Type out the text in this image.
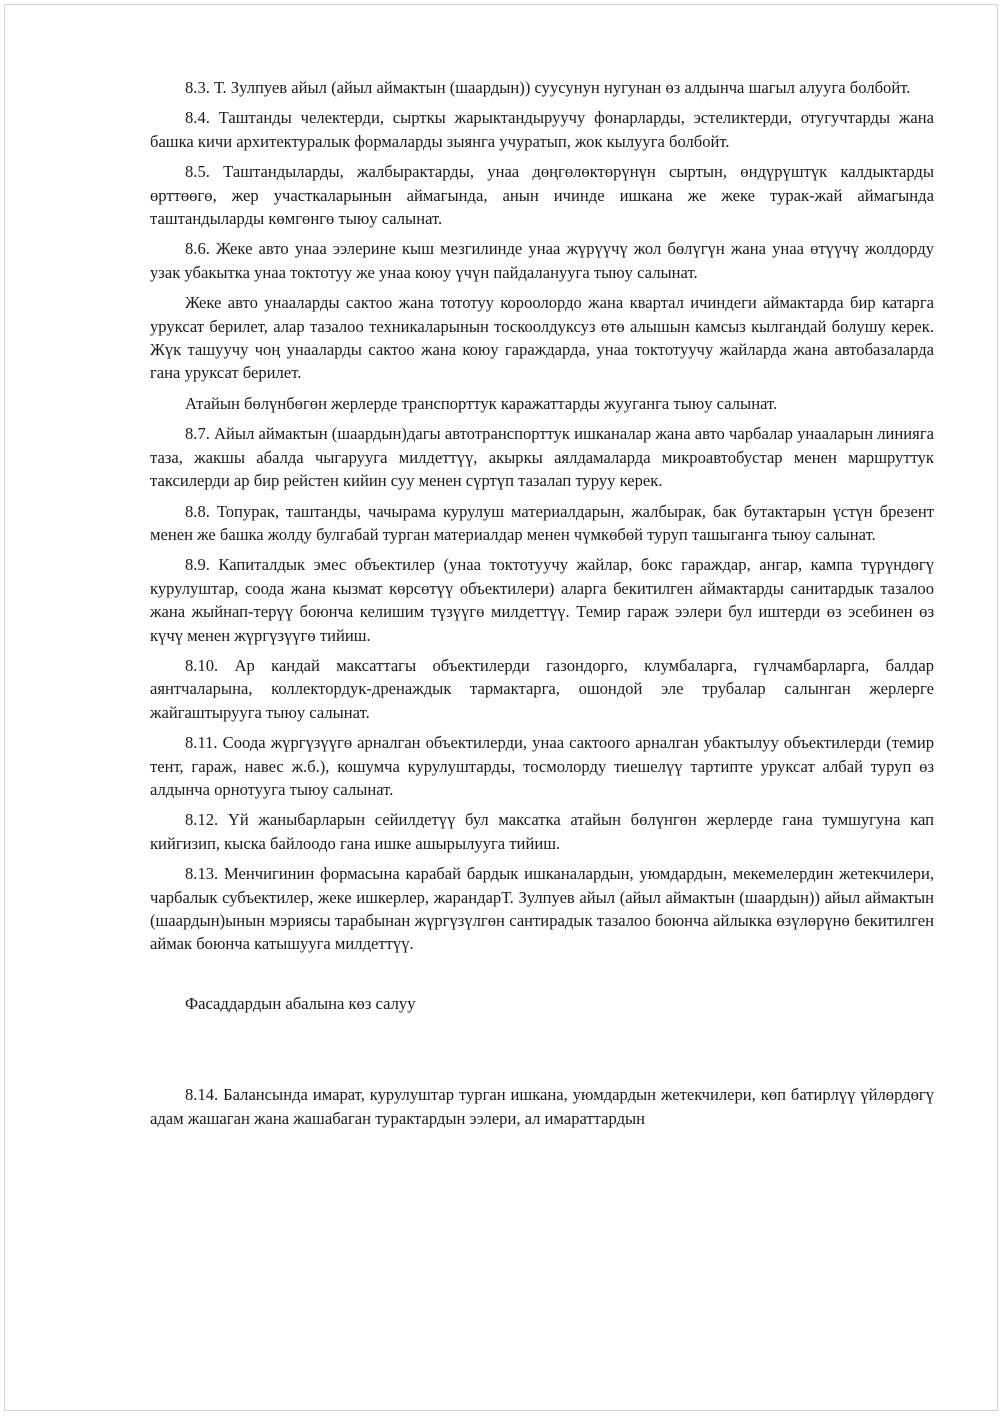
8.3. Т. Зулпуев айыл (айыл аймактын (шаардын)) суусунун нугунан өз алдынча шагыл алууга болбойт.

8.4. Таштанды челектерди, сырткы жарыктандыруучу фонарларды, эстеликтерди, отугучтарды жана башка кичи архитектуралык формаларды зыянга учуратып, жок кылууга болбойт.

8.5. Таштандыларды, жалбырактарды, унаа дөңгөлөктөрүнүн сыртын, өндүрүштүк калдыктарды өрттөөгө, жер участкаларынын аймагында, анын ичинде ишкана же жеке турак-жай аймагында таштандыларды көмгөнгө тыюу салынат.

8.6. Жеке авто унаа ээлерине кыш мезгилинде унаа жүрүүчү жол бөлүгүн жана унаа өтүүчү жолдорду узак убакытка унаа токтотуу же унаа коюу үчүн пайдаланууга тыюу салынат.

Жеке авто унааларды сактоо жана тототуу короолордо жана квартал ичиндеги аймактарда бир катарга уруксат берилет, алар тазалоо техникаларынын тоскоолдуксуз өтө алышын камсыз кылгандай болушу керек. Жүк ташуучу чоң унааларды сактоо жана коюу гараждарда, унаа токтотуучу жайларда жана автобазаларда гана уруксат берилет.

Атайын бөлүнбөгөн жерлерде транспорттук каражаттарды жууганга тыюу салынат.

8.7. Айыл аймактын (шаардын)дагы автотранспорттук ишканалар жана авто чарбалар унааларын линияга таза, жакшы абалда чыгарууга милдеттүү, акыркы аялдамаларда микроавтобустар менен маршруттук таксилерди ар бир рейстен кийин суу менен сүртүп тазалап туруу керек.

8.8. Топурак, таштанды, чачырама курулуш материалдарын, жалбырак, бак бутактарын үстүн брезент менен же башка жолду булгабай турган материалдар менен чүмкөбөй туруп ташыганга тыюу салынат.

8.9. Капиталдык эмес объектилер (унаа токтотуучу жайлар, бокс гараждар, ангар, кампа түрүндөгү курулуштар, соода жана кызмат көрсөтүү объектилери) аларга бекитилген аймактарды санитардык тазалоо жана жыйнап-терүү боюнча келишим түзүүгө милдеттүү. Темир гараж ээлери бул иштерди өз эсебинен өз күчү менен жүргүзүүгө тийиш.

8.10. Ар кандай максаттагы объектилерди газондорго, клумбаларга, гүлчамбарларга, балдар аянтчаларына, коллектордук-дренаждык тармактарга, ошондой эле трубалар салынган жерлерге жайгаштырууга тыюу салынат.

8.11. Соода жүргүзүүгө арналган объектилерди, унаа сактоого арналган убактылуу объектилерди (темир тент, гараж, навес ж.б.), кошумча курулуштарды, тосмолорду тиешелүү тартипте уруксат албай туруп өз алдынча орнотууга тыюу салынат.

8.12. Үй жаныбарларын сейилдетүү бул максатка атайын бөлүнгөн жерлерде гана тумшугуна кап кийгизип, кыска байлоодо гана ишке ашырылууга тийиш.

8.13. Менчигинин формасына карабай бардык ишканалардын, уюмдардын, мекемелердин жетекчилери, чарбалык субъектилер, жеке ишкерлер, жарандарТ. Зулпуев айыл (айыл аймактын (шаардын)) айыл аймактын (шаардын)ынын мэриясы тарабынан жүргүзүлгөн сантирадык тазалоо боюнча айлыкка өзүлөрүнө бекитилген аймак боюнча катышууга милдеттүү.

Фасаддардын абалына көз салуу

8.14. Балансында имарат, курулуштар турган ишкана, уюмдардын жетекчилери, көп батирлүү үйлөрдөгү адам жашаган жана жашабаган турактардын ээлери, ал имараттардын
